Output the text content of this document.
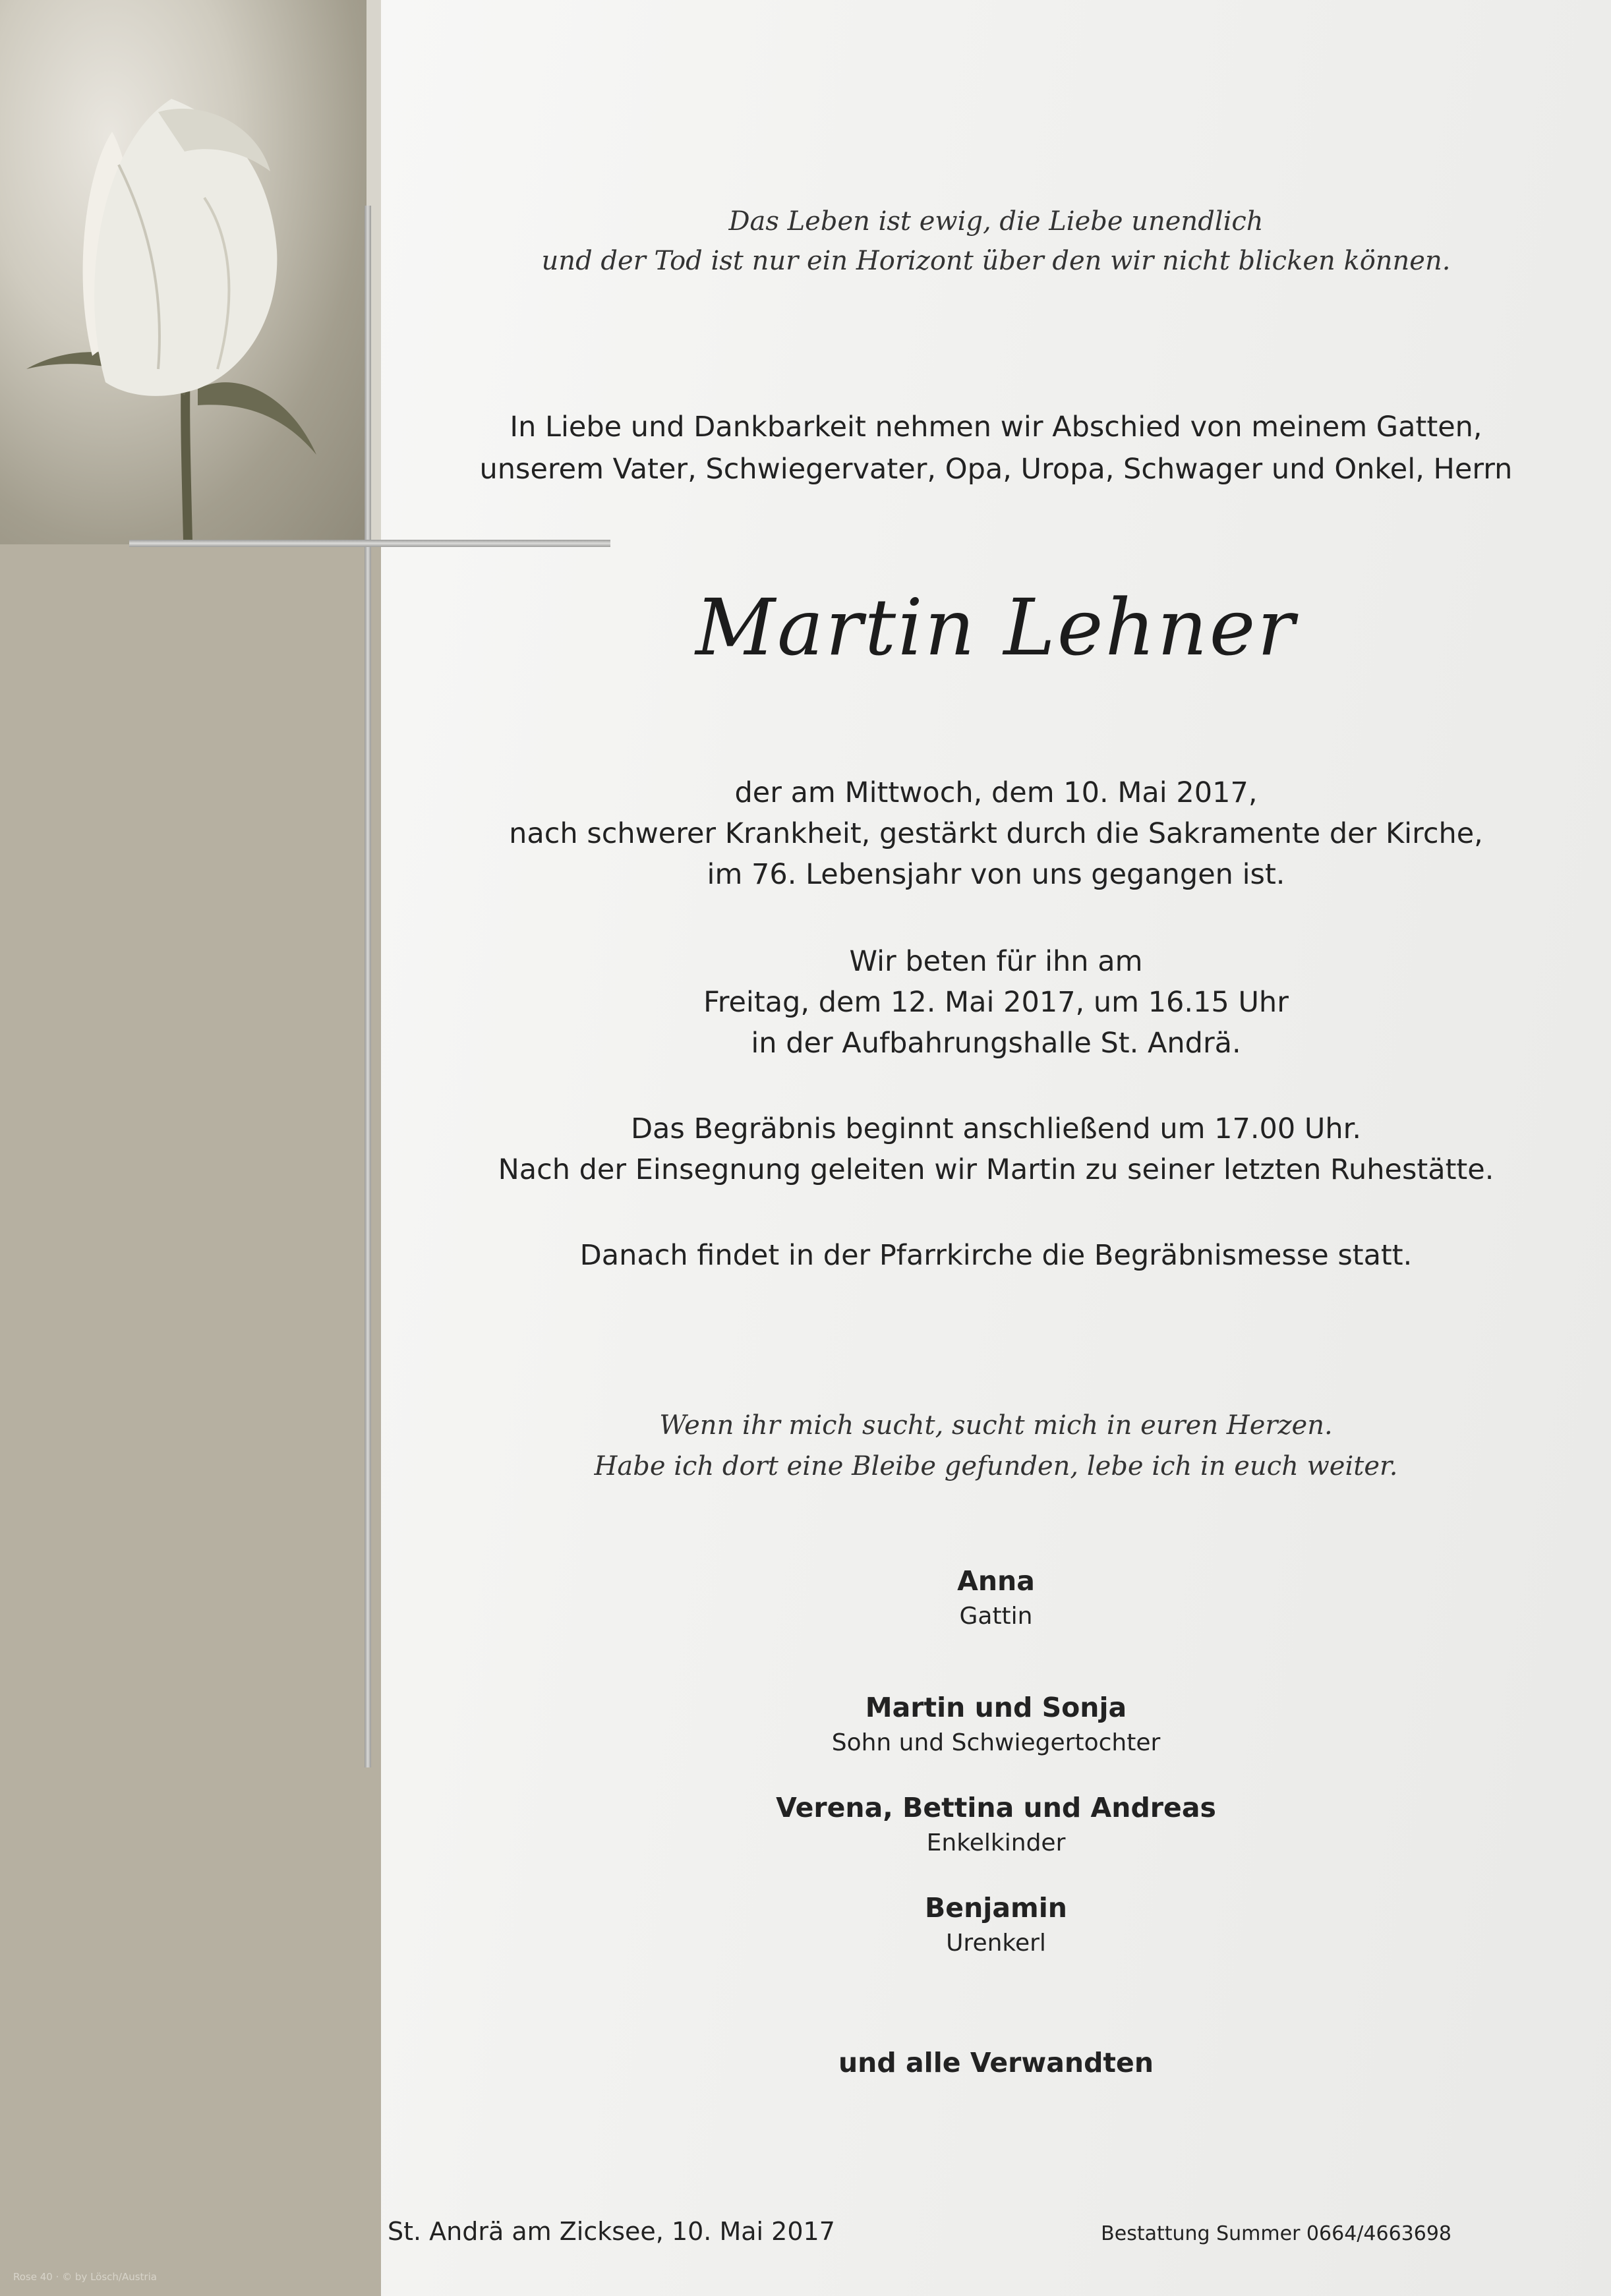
Das Leben ist ewig, die Liebe unendlich
und der Tod ist nur ein Horizont über den wir nicht blicken können.
In Liebe und Dankbarkeit nehmen wir Abschied von meinem Gatten,
unserem Vater, Schwiegervater, Opa, Uropa, Schwager und Onkel, Herrn
Martin Lehner
der am Mittwoch, dem 10. Mai 2017,
nach schwerer Krankheit, gestärkt durch die Sakramente der Kirche,
im 76. Lebensjahr von uns gegangen ist.
Wir beten für ihn am
Freitag, dem 12. Mai 2017, um 16.15 Uhr
in der Aufbahrungshalle St. Andrä.
Das Begräbnis beginnt anschließend um 17.00 Uhr.
Nach der Einsegnung geleiten wir Martin zu seiner letzten Ruhestätte.
Danach findet in der Pfarrkirche die Begräbnismesse statt.
Wenn ihr mich sucht, sucht mich in euren Herzen.
Habe ich dort eine Bleibe gefunden, lebe ich in euch weiter.
Anna
Gattin
Martin und Sonja
Sohn und Schwiegertochter
Verena, Bettina und Andreas
Enkelkinder
Benjamin
Urenkerl
und alle Verwandten
St. Andrä am Zicksee, 10. Mai 2017	Bestattung Summer 0664/4663698
Rose 40 · © by Lösch/Austria
